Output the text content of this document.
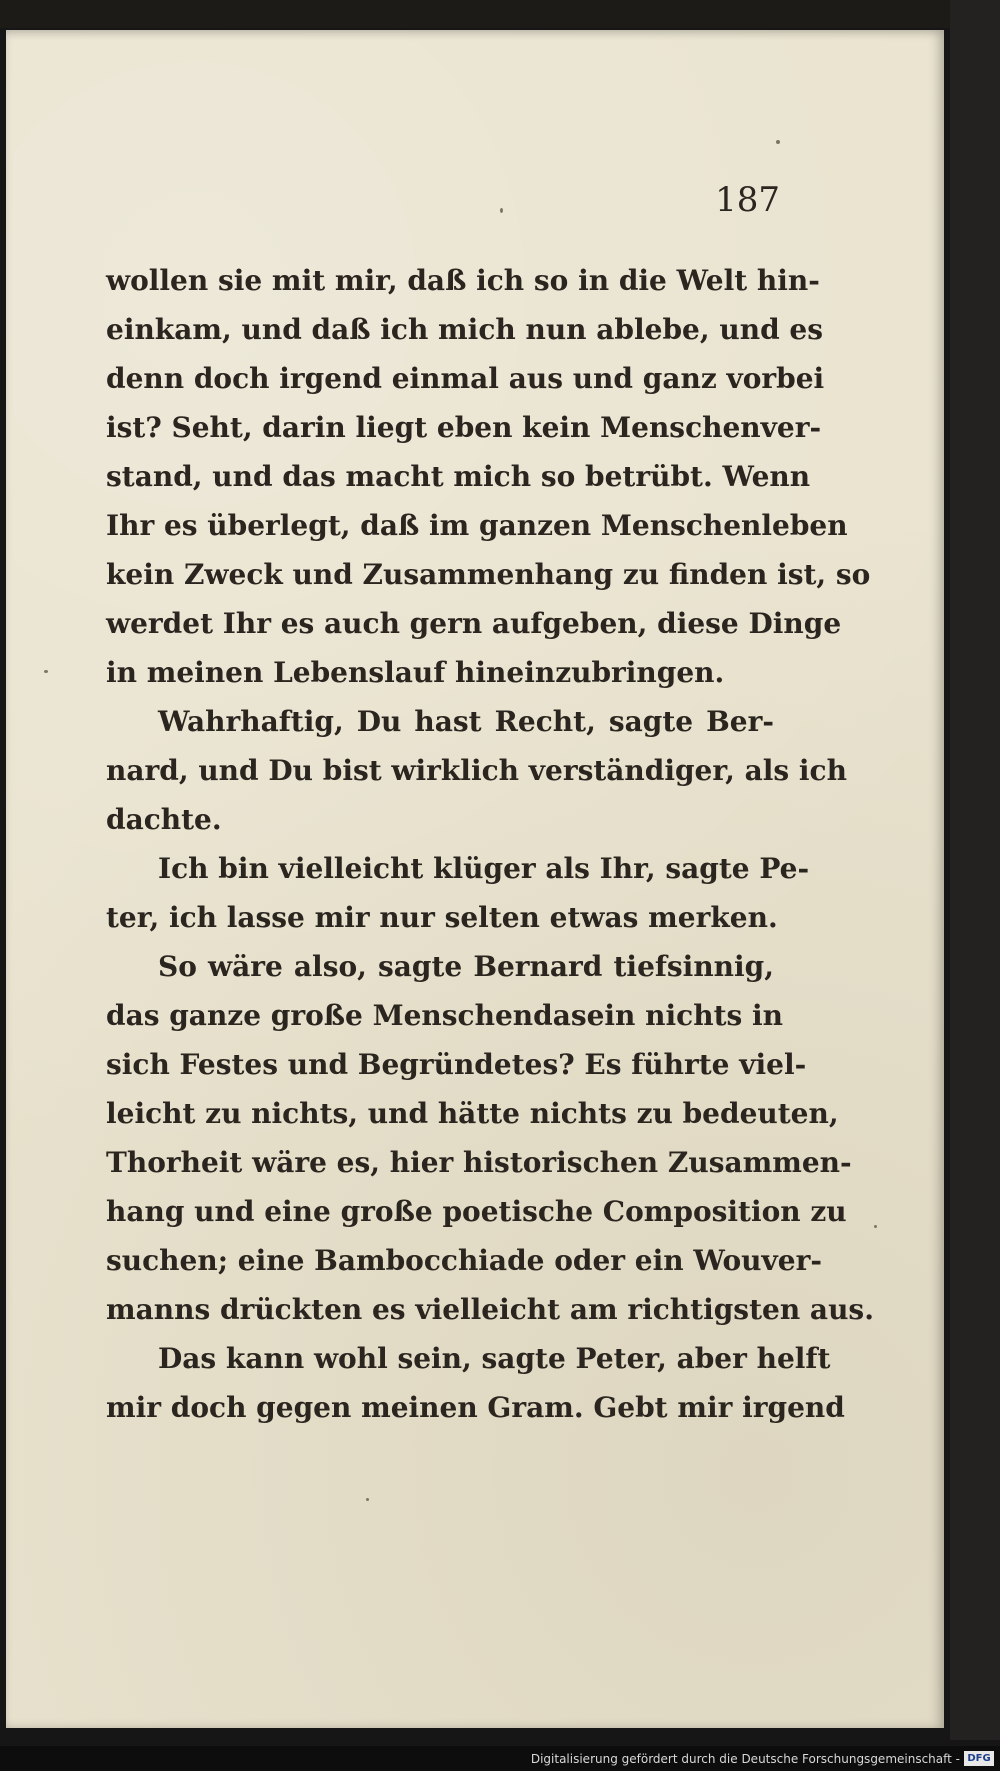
187
wollen sie mit mir, daß ich so in die Welt hin-
einkam, und daß ich mich nun ablebe, und es
denn doch irgend einmal aus und ganz vorbei
ist? Seht, darin liegt eben kein Menschenver-
stand, und das macht mich so betrübt. Wenn
Ihr es überlegt, daß im ganzen Menschenleben
kein Zweck und Zusammenhang zu finden ist, so
werdet Ihr es auch gern aufgeben, diese Dinge
in meinen Lebenslauf hineinzubringen.
Wahrhaftig, Du hast Recht, sagte Ber-
nard, und Du bist wirklich verständiger, als ich
dachte.
Ich bin vielleicht klüger als Ihr, sagte Pe-
ter, ich lasse mir nur selten etwas merken.
So wäre also, sagte Bernard tiefsinnig,
das ganze große Menschendasein nichts in
sich Festes und Begründetes? Es führte viel-
leicht zu nichts, und hätte nichts zu bedeuten,
Thorheit wäre es, hier historischen Zusammen-
hang und eine große poetische Composition zu
suchen; eine Bambocchiade oder ein Wouver-
manns drückten es vielleicht am richtigsten aus.
Das kann wohl sein, sagte Peter, aber helft
mir doch gegen meinen Gram. Gebt mir irgend
Digitalisierung gefördert durch die Deutsche Forschungsgemeinschaft - DFG
